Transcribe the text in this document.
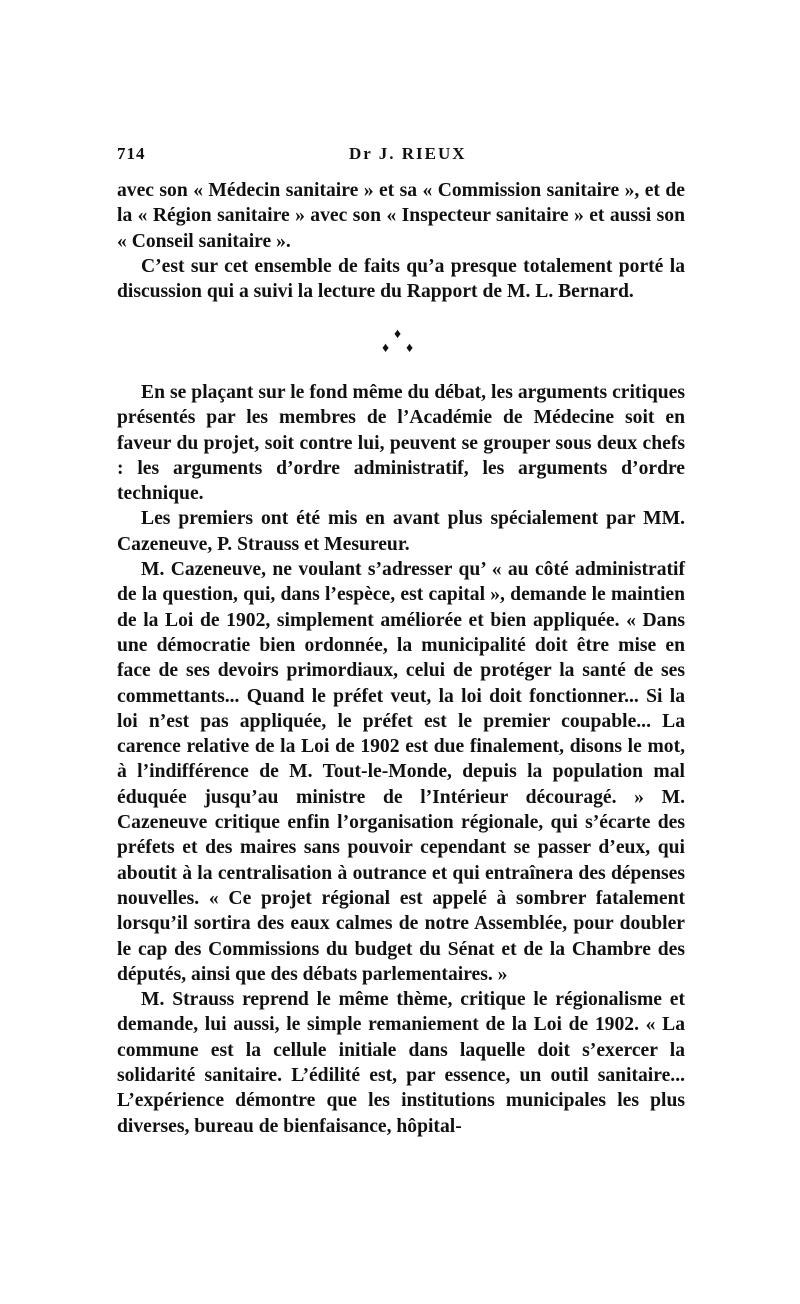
714	Dr J. RIEUX

avec son « Médecin sanitaire » et sa « Commission sanitaire », et de la « Région sanitaire » avec son « Inspecteur sanitaire » et aussi son « Conseil sanitaire ».

C’est sur cet ensemble de faits qu’a presque totalement porté la discussion qui a suivi la lecture du Rapport de M. L. Bernard.

♦
♦ ♦

En se plaçant sur le fond même du débat, les arguments critiques présentés par les membres de l’Académie de Médecine soit en faveur du projet, soit contre lui, peuvent se grouper sous deux chefs : les arguments d’ordre administratif, les arguments d’ordre technique.

Les premiers ont été mis en avant plus spécialement par MM. Cazeneuve, P. Strauss et Mesureur.

M. Cazeneuve, ne voulant s’adresser qu’ « au côté administratif de la question, qui, dans l’espèce, est capital », demande le maintien de la Loi de 1902, simplement améliorée et bien appliquée. « Dans une démocratie bien ordonnée, la municipalité doit être mise en face de ses devoirs primordiaux, celui de protéger la santé de ses commettants... Quand le préfet veut, la loi doit fonctionner... Si la loi n’est pas appliquée, le préfet est le premier coupable... La carence relative de la Loi de 1902 est due finalement, disons le mot, à l’indifférence de M. Tout-le-Monde, depuis la population mal éduquée jusqu’au ministre de l’Intérieur découragé. » M. Cazeneuve critique enfin l’organisation régionale, qui s’écarte des préfets et des maires sans pouvoir cependant se passer d’eux, qui aboutit à la centralisation à outrance et qui entraînera des dépenses nouvelles. « Ce projet régional est appelé à sombrer fatalement lorsqu’il sortira des eaux calmes de notre Assemblée, pour doubler le cap des Commissions du budget du Sénat et de la Chambre des députés, ainsi que des débats parlementaires. »

M. Strauss reprend le même thème, critique le régionalisme et demande, lui aussi, le simple remaniement de la Loi de 1902. « La commune est la cellule initiale dans laquelle doit s’exercer la solidarité sanitaire. L’édilité est, par essence, un outil sanitaire... L’expérience démontre que les institutions municipales les plus diverses, bureau de bienfaisance, hôpital-
